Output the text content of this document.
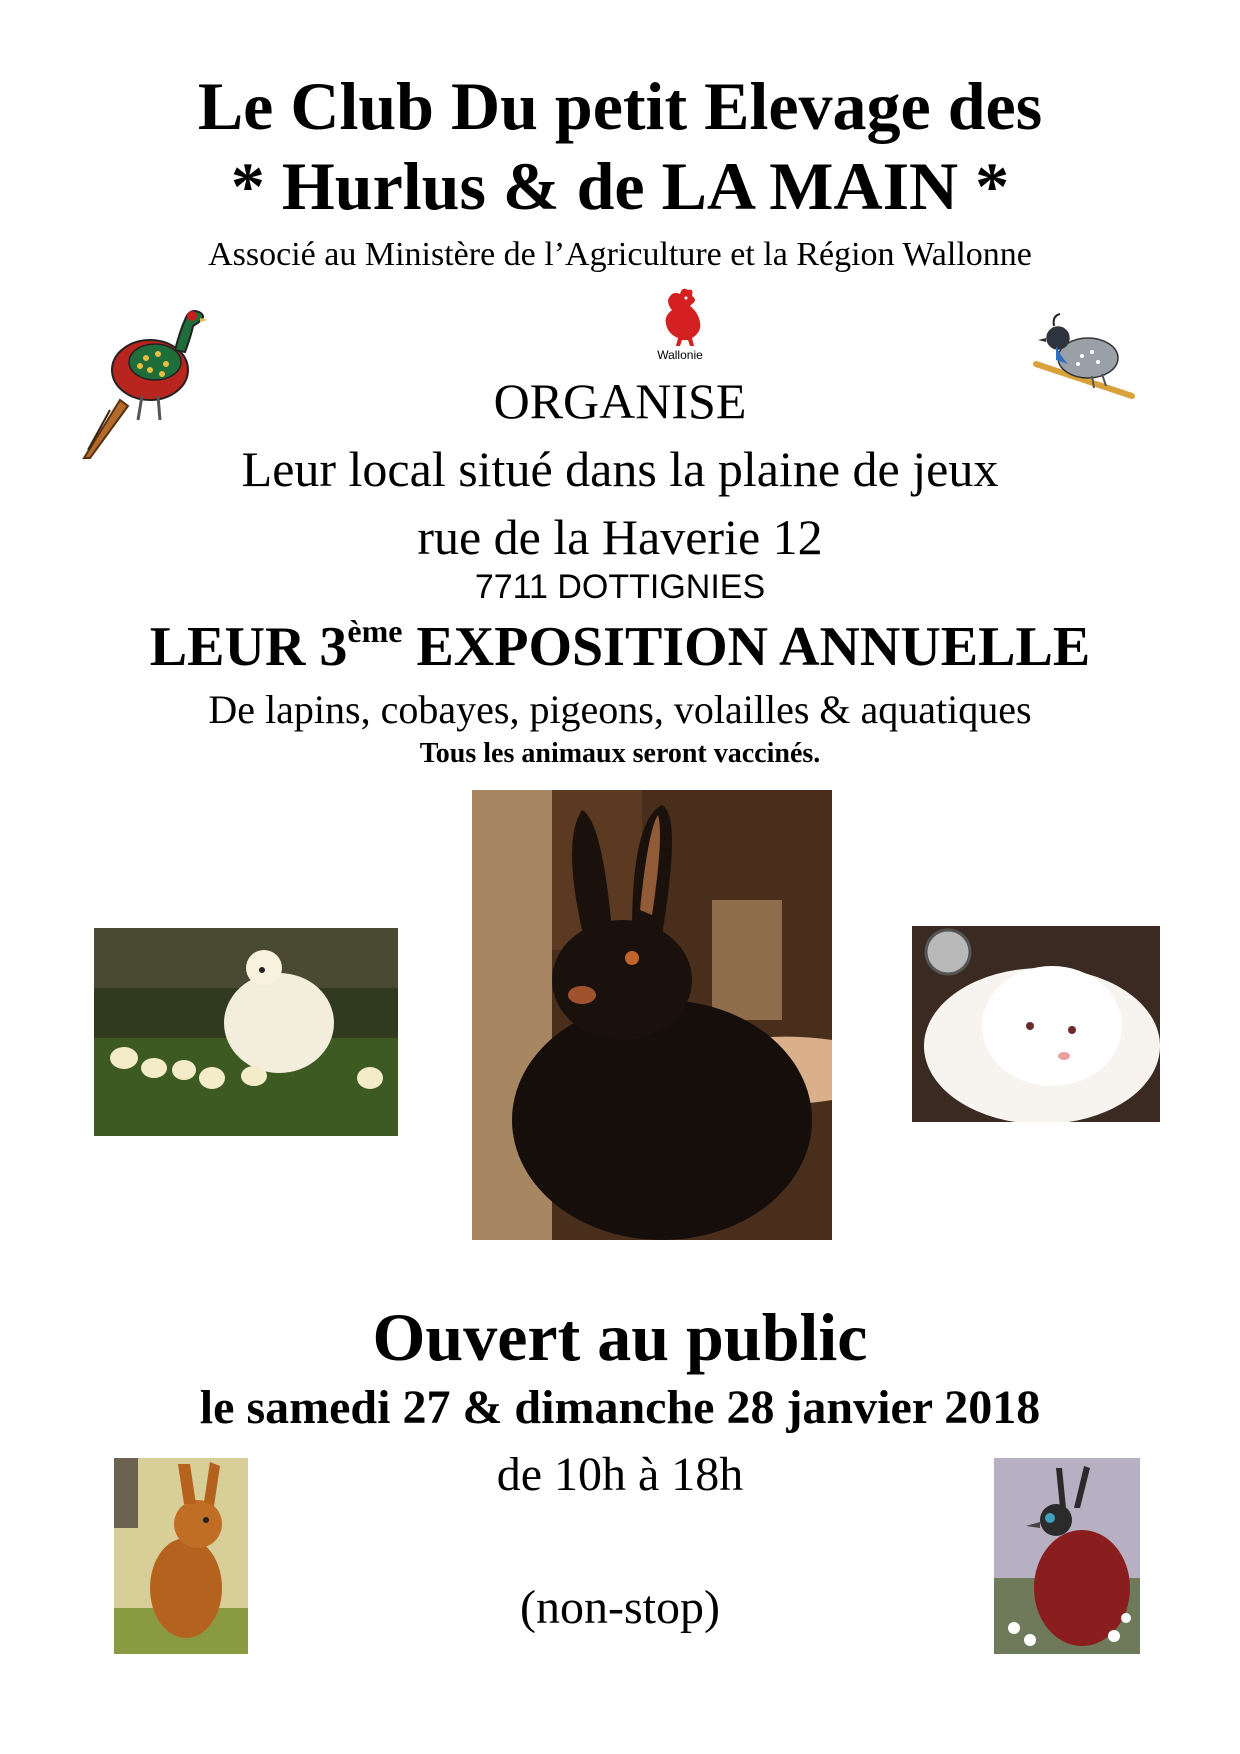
Le Club Du petit Elevage des
* Hurlus & de LA MAIN *
Associé au Ministère de l’Agriculture et la Région Wallonne
Wallonie
ORGANISE
Leur local situé dans la plaine de jeux
rue de la Haverie 12
7711 DOTTIGNIES
LEUR 3ème EXPOSITION ANNUELLE
De lapins, cobayes, pigeons, volailles & aquatiques
Tous les animaux seront vaccinés.
Ouvert au public
le samedi 27 & dimanche 28 janvier 2018
de 10h à 18h
(non-stop)
